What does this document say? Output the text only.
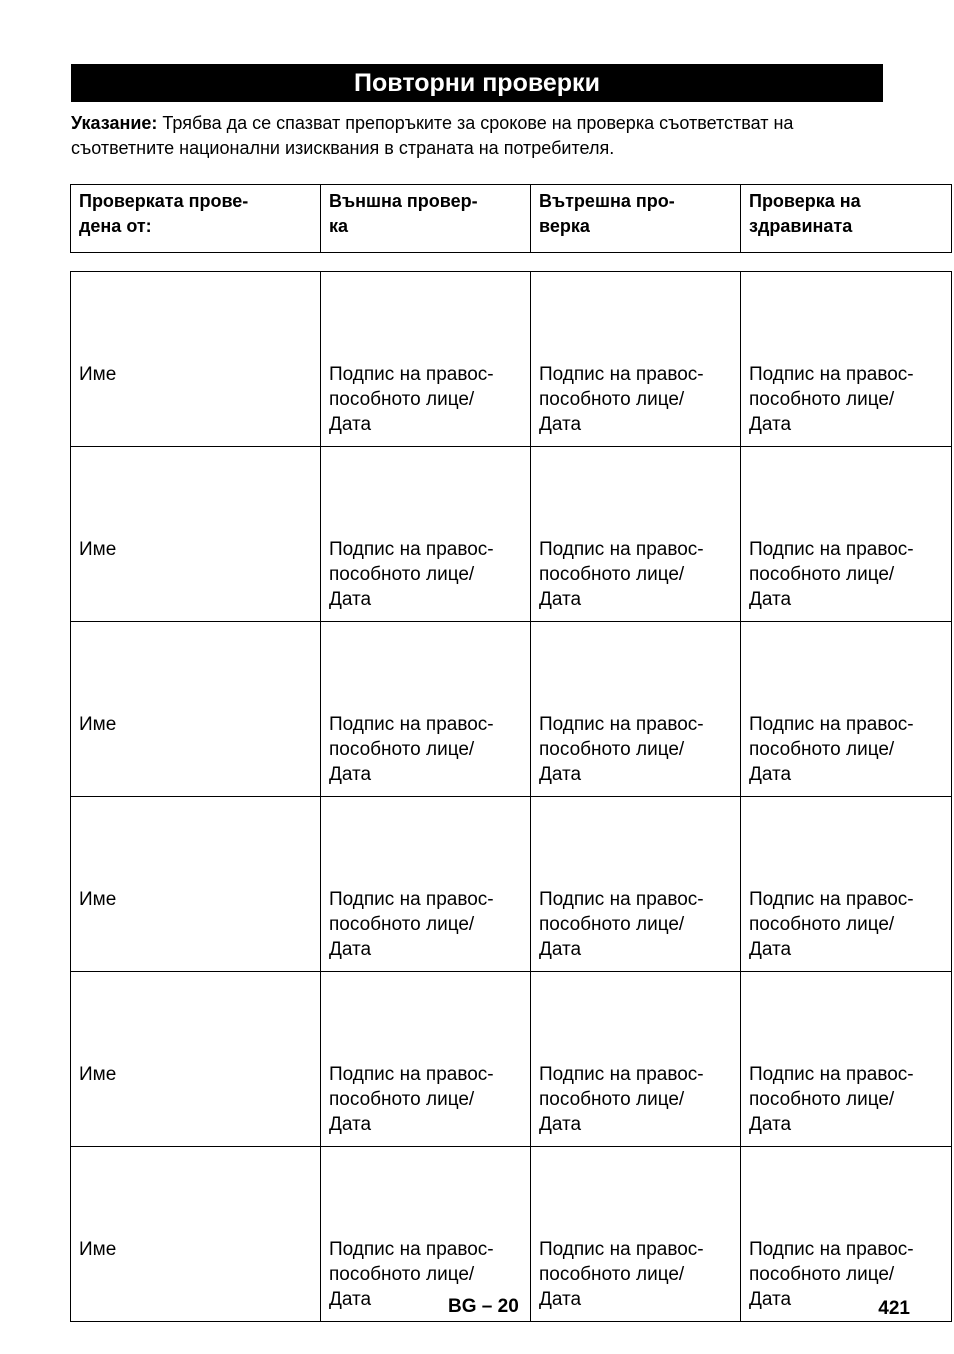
Повторни проверки
Указание: Трябва да се спазват препоръките за срокове на проверка съответстват на съответните национални изисквания в страната на потребителя.
Проверката прове-
дена от:	Външна провер-
ка	Вътрешна про-
верка	Проверка на
здравината
Име	Подпис на правос-
пособното лице/
Дата	Подпис на правос-
пособното лице/
Дата	Подпис на правос-
пособното лице/
Дата

Име	Подпис на правос-
пособното лице/
Дата	Подпис на правос-
пособното лице/
Дата	Подпис на правос-
пособното лице/
Дата

Име	Подпис на правос-
пособното лице/
Дата	Подпис на правос-
пособното лице/
Дата	Подпис на правос-
пособното лице/
Дата

Име	Подпис на правос-
пособното лице/
Дата	Подпис на правос-
пособното лице/
Дата	Подпис на правос-
пособното лице/
Дата

Име	Подпис на правос-
пособното лице/
Дата	Подпис на правос-
пособното лице/
Дата	Подпис на правос-
пособното лице/
Дата

Име	Подпис на правос-
пособното лице/
Дата	Подпис на правос-
пособното лице/
Дата	Подпис на правос-
пособното лице/
Дата
BG – 20	421
